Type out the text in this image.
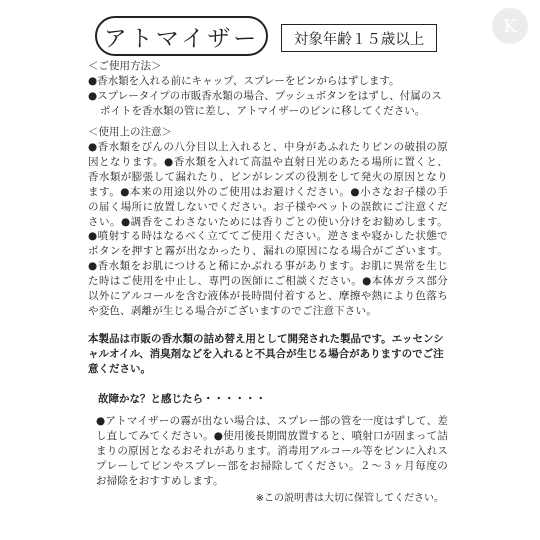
アトマイザー	対象年齢１５歳以上
K

＜ご使用方法＞

●香水類を入れる前にキャップ、スプレーをビンからはずします。
●スプレータイプの市販香水類の場合、プッシュボタンをはずし、付属のスポイトを香水類の管に差し、アトマイザーのビンに移してください。

＜使用上の注意＞

●香水類をびんの八分目以上入れると、中身があふれたりビンの破損の原因となります。●香水類を入れて高温や直射日光のあたる場所に置くと、香水類が膨張して漏れたり、ビンがレンズの役割をして発火の原因となります。●本来の用途以外のご使用はお避けください。●小さなお子様の手の届く場所に放置しないでください。お子様やペットの誤飲にご注意ください。●調香をこわさないためには香りごとの使い分けをお勧めします。●噴射する時はなるべく立ててご使用ください。逆さまや寝かした状態でボタンを押すと霧が出なかったり、漏れの原因になる場合がございます。●香水類をお肌につけると稀にかぶれる事があります。お肌に異常を生じた時はご使用を中止し、専門の医師にご相談ください。●本体ガラス部分以外にアルコールを含む液体が長時間付着すると、摩擦や熱により色落ちや変色、剥離が生じる場合がございますのでご注意下さい。

本製品は市販の香水類の詰め替え用として開発された製品です。エッセンシャルオイル、消臭剤などを入れると不具合が生じる場合がありますのでご注意ください。

故障かな？と感じたら・・・・・・

●アトマイザーの霧が出ない場合は、スプレー部の管を一度はずして、差し直してみてください。●使用後長期間放置すると、噴射口が固まって詰まりの原因となるおそれがあります。消毒用アルコール等をビンに入れスプレーしてビンやスプレー部をお掃除してください。２～３ヶ月毎度のお掃除をおすすめします。

※この説明書は大切に保管してください。
